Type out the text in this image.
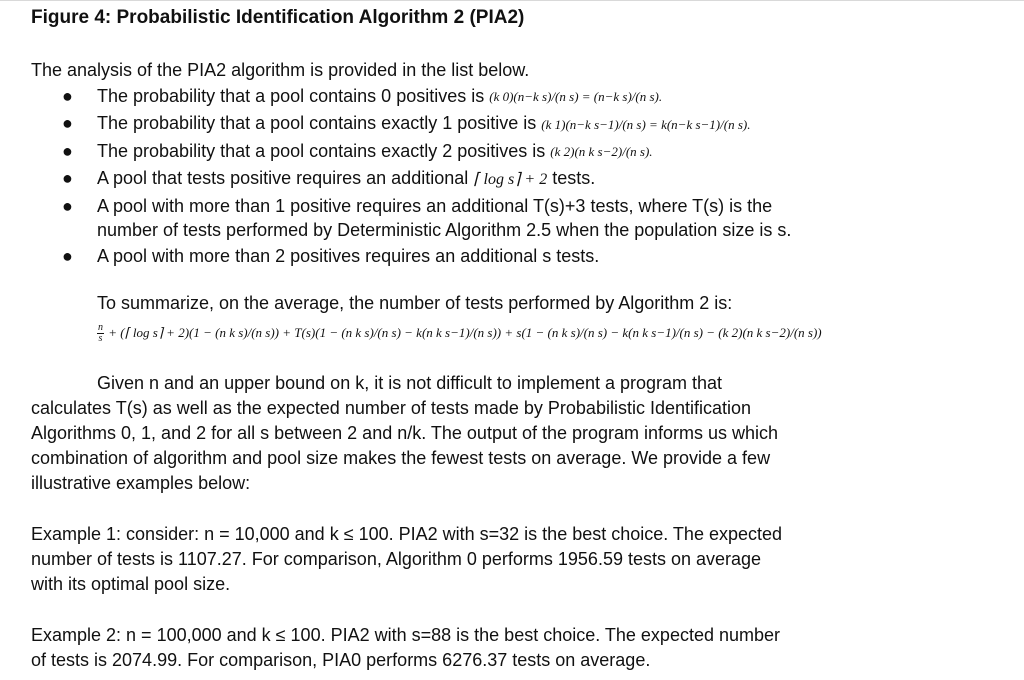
Figure 4: Probabilistic Identification Algorithm 2 (PIA2)

The analysis of the PIA2 algorithm is provided in the list below.

● The probability that a pool contains 0 positives is (k 0)(n−k s)/(n s) = (n−k s)/(n s).
● The probability that a pool contains exactly 1 positive is (k 1)(n−k s−1)/(n s) = k(n−k s−1)/(n s).
● The probability that a pool contains exactly 2 positives is (k 2)(n k s−2)/(n s).
● A pool that tests positive requires an additional ⌈ log s⌉ + 2 tests.
● A pool with more than 1 positive requires an additional T(s)+3 tests, where T(s) is the
number of tests performed by Deterministic Algorithm 2.5 when the population size is s.
● A pool with more than 2 positives requires an additional s tests.

To summarize, on the average, the number of tests performed by Algorithm 2 is:

$\frac{n}{s}$ + (⌈ log s⌉ + 2)(1 − (n k s)/(n s)) + T(s)(1 − (n k s)/(n s) − k(n k s−1)/(n s)) + s(1 − (n k s)/(n s) − k(n k s−1)/(n s) − (k 2)(n k s−2)/(n s))

Given n and an upper bound on k, it is not difficult to implement a program that

calculates T(s) as well as the expected number of tests made by Probabilistic Identification

Algorithms 0, 1, and 2 for all s between 2 and n/k. The output of the program informs us which

combination of algorithm and pool size makes the fewest tests on average. We provide a few

illustrative examples below:

Example 1: consider: n = 10,000 and k ≤ 100. PIA2 with s=32 is the best choice. The expected

number of tests is 1107.27. For comparison, Algorithm 0 performs 1956.59 tests on average

with its optimal pool size.

Example 2: n = 100,000 and k ≤ 100. PIA2 with s=88 is the best choice. The expected number

of tests is 2074.99. For comparison, PIA0 performs 6276.37 tests on average.
